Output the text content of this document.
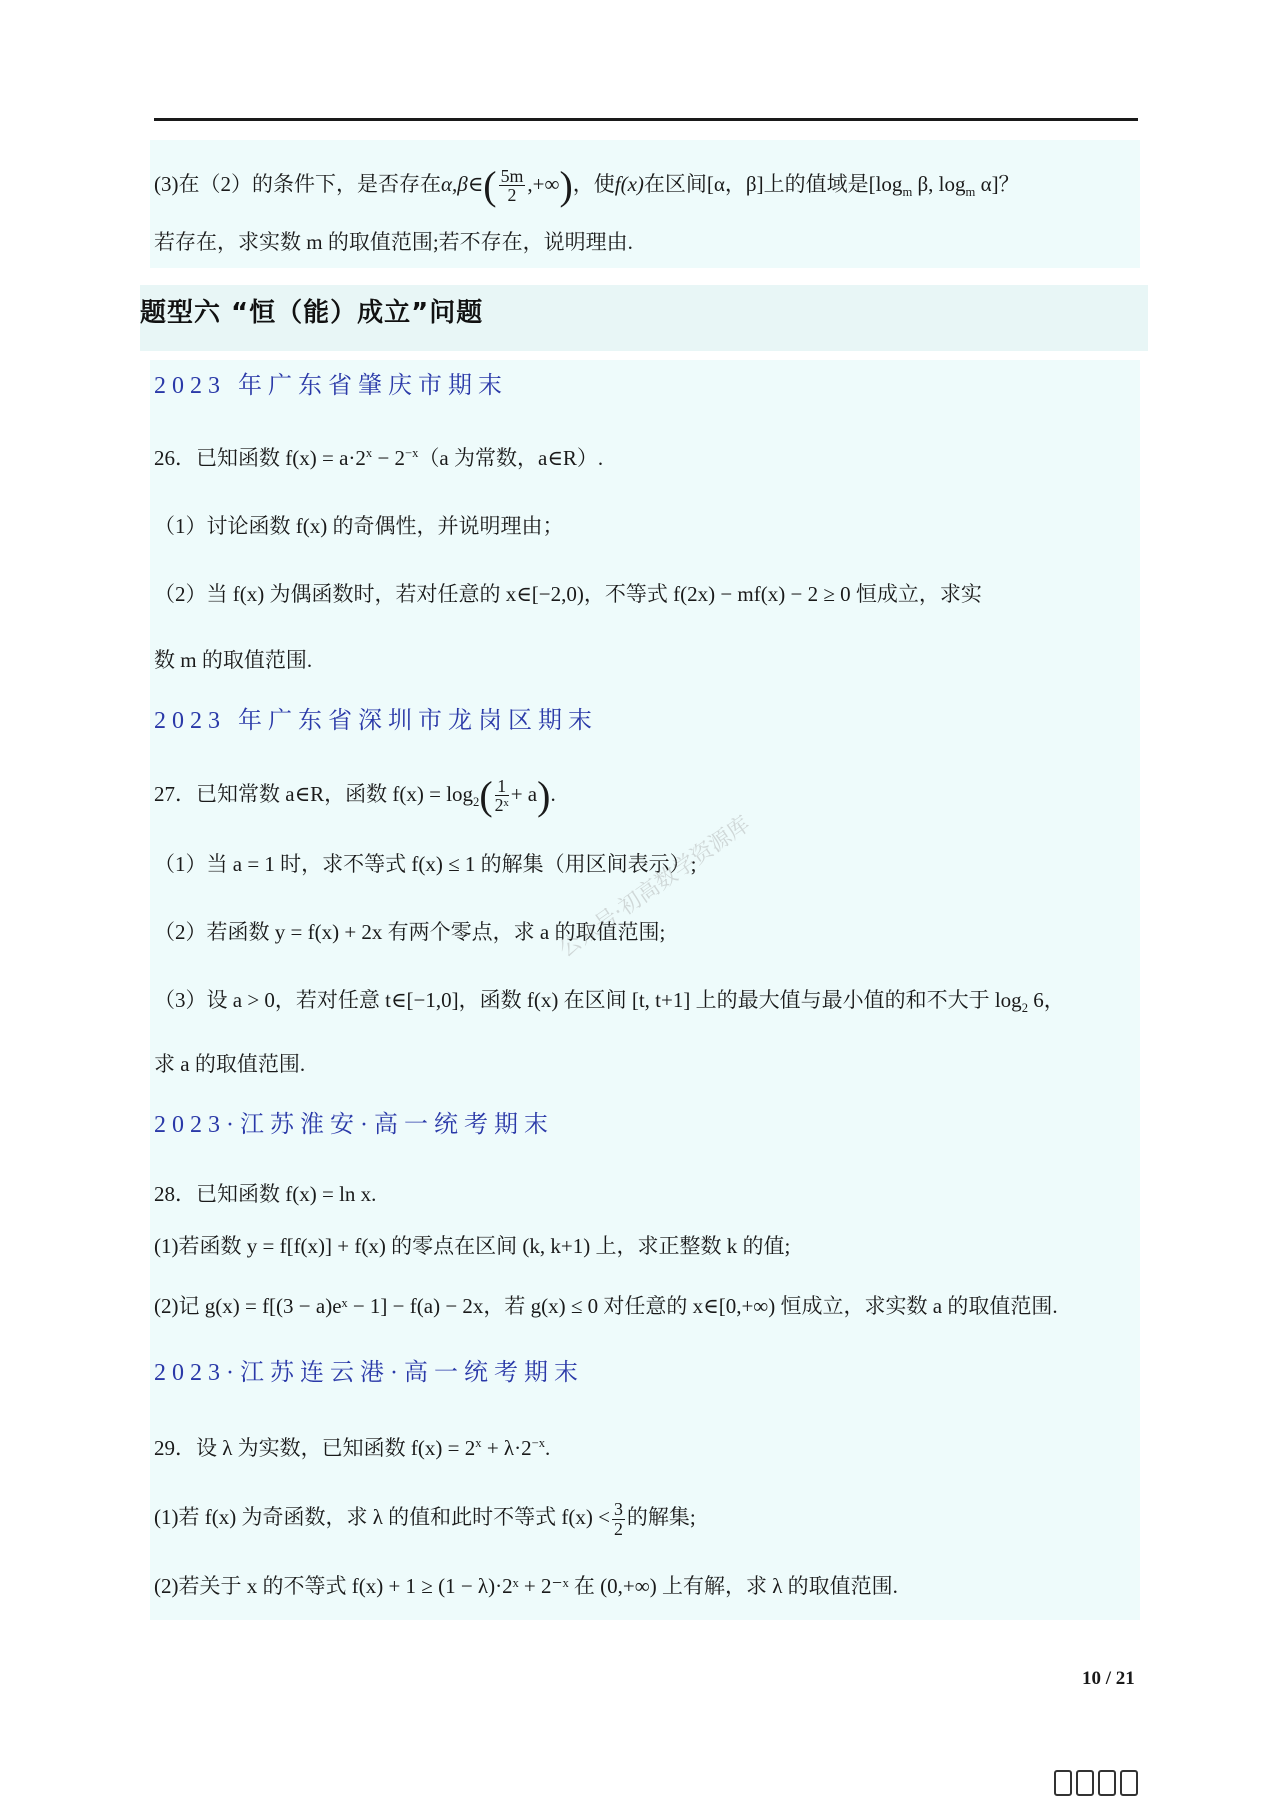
(3)在（2）的条件下，是否存在α,β∈( $\frac{5m}{2}$ ,+∞)，使f(x)在区间[α，β]上的值域是[$\log_m$ β, $\log_m \alpha$]？
若存在，求实数 m 的取值范围;若不存在，说明理由.
题型六 “恒（能）成立”问题
2023 年广东省肇庆市期末
26．已知函数 $f(x) = a\cdot 2^x - 2^{-x}(a$ 为常数，a∈R）.
（1）讨论函数 f(x) 的奇偶性，并说明理由；
（2）当 f(x) 为偶函数时，若对任意的 x∈[−2,0)，不等式 f(2x) − mf(x) − 2 ≥ 0 恒成立，求实
数 m 的取值范围.
2023 年广东省深圳市龙岗区期末
27．已知常数 a∈R，函数 $f(x) = \log_2( \frac{1}{\text{2ˣ}} + a)$.
（1）当 a = 1 时，求不等式 f(x) ≤ 1 的解集（用区间表示）;
（2）若函数 y = f(x) + 2x 有两个零点，求 a 的取值范围;
（3）设 a > 0，若对任意 t∈[−1,0]，函数 f(x) 在区间 [t, t+1] 上的最大值与最小值的和不大于 $\log_2 6$，
求 a 的取值范围.
公众号·初高数学资源库
2023·江苏淮安·高一统考期末
28．已知函数 f(x) = ln x.
(1)若函数 y = f[f(x)] + f(x) 的零点在区间 (k, k+1) 上，求正整数 k 的值;
(2)记 g(x) = f[(3 − a)eˣ − 1] − f(a) − 2x，若 g(x) ≤ 0 对任意的 x∈[0,+∞) 恒成立，求实数 a 的取值范围.
2023·江苏连云港·高一统考期末
29．设 λ 为实数，已知函数 $f(x) = 2^x + \lambda\cdot 2^{-x}$.
(1)若 f(x) 为奇函数，求 λ 的值和此时不等式 $f(x) < \frac{3}{2}$ 的解集;
(2)若关于 x 的不等式 f(x) + 1 ≥ (1 − λ)·2ˣ + 2⁻ˣ 在 (0,+∞) 上有解，求 λ 的取值范围.
10 / 21
